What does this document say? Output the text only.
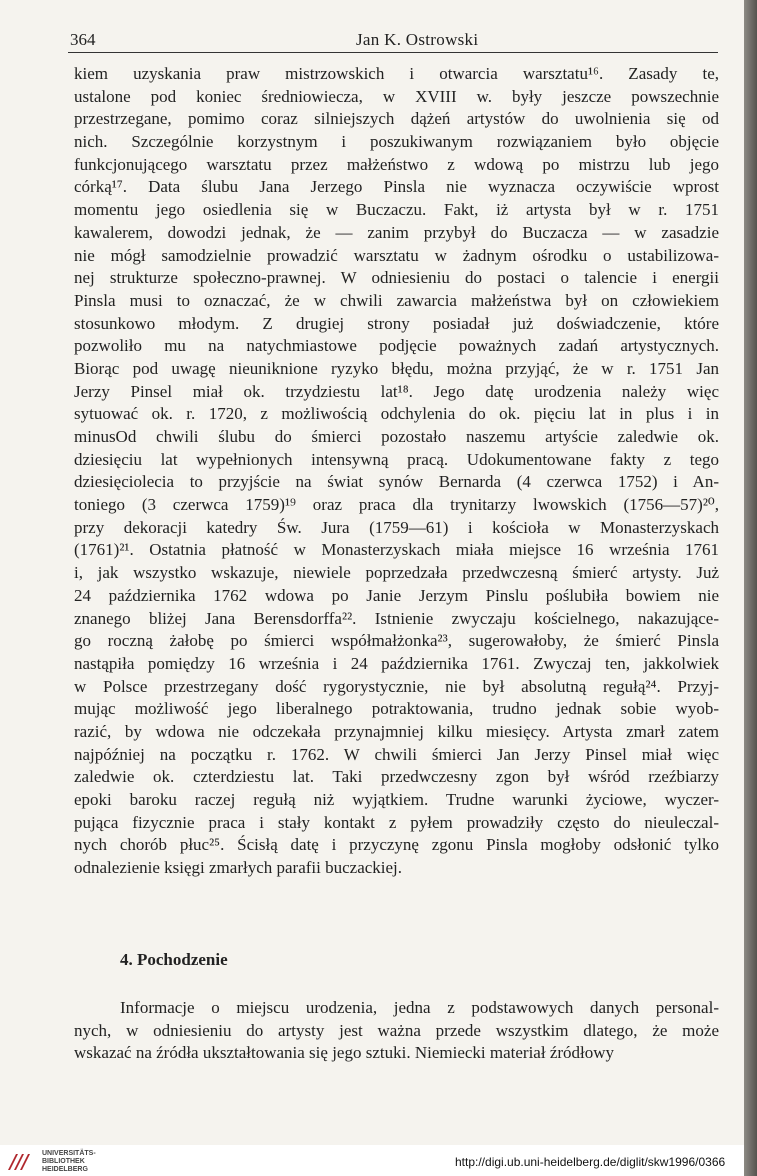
364	Jan K. Ostrowski
kiem uzyskania praw mistrzowskich i otwarcia warsztatu¹⁶. Zasady te,
ustalone pod koniec średniowiecza, w XVIII w. były jeszcze powszechnie
przestrzegane, pomimo coraz silniejszych dążeń artystów do uwolnienia się od
nich. Szczególnie korzystnym i poszukiwanym rozwiązaniem było objęcie
funkcjonującego warsztatu przez małżeństwo z wdową po mistrzu lub jego
córką¹⁷. Data ślubu Jana Jerzego Pinsla nie wyznacza oczywiście wprost
momentu jego osiedlenia się w Buczaczu. Fakt, iż artysta był w r. 1751
kawalerem, dowodzi jednak, że — zanim przybył do Buczacza — w zasadzie
nie mógł samodzielnie prowadzić warsztatu w żadnym ośrodku o ustabilizowa-
nej strukturze społeczno-prawnej. W odniesieniu do postaci o talencie i energii
Pinsla musi to oznaczać, że w chwili zawarcia małżeństwa był on człowiekiem
stosunkowo młodym. Z drugiej strony posiadał już doświadczenie, które
pozwoliło mu na natychmiastowe podjęcie poważnych zadań artystycznych.
Biorąc pod uwagę nieuniknione ryzyko błędu, można przyjąć, że w r. 1751 Jan
Jerzy Pinsel miał ok. trzydziestu lat¹⁸. Jego datę urodzenia należy więc
sytuować ok. r. 1720, z możliwością odchylenia do ok. pięciu lat in plus i in
minusOd chwili ślubu do śmierci pozostało naszemu artyście zaledwie ok.
dziesięciu lat wypełnionych intensywną pracą. Udokumentowane fakty z tego
dziesięciolecia to przyjście na świat synów Bernarda (4 czerwca 1752) i An-
toniego (3 czerwca 1759)¹⁹ oraz praca dla trynitarzy lwowskich (1756—57)²⁰,
przy dekoracji katedry Św. Jura (1759—61) i kościoła w Monasterzyskach
(1761)²¹. Ostatnia płatność w Monasterzyskach miała miejsce 16 września 1761
i, jak wszystko wskazuje, niewiele poprzedzała przedwczesną śmierć artysty. Już
24 października 1762 wdowa po Janie Jerzym Pinslu poślubiła bowiem nie
znanego bliżej Jana Berensdorffa²². Istnienie zwyczaju kościelnego, nakazujące-
go roczną żałobę po śmierci współmałżonka²³, sugerowałoby, że śmierć Pinsla
nastąpiła pomiędzy 16 września i 24 października 1761. Zwyczaj ten, jakkolwiek
w Polsce przestrzegany dość rygorystycznie, nie był absolutną regułą²⁴. Przyj-
mując możliwość jego liberalnego potraktowania, trudno jednak sobie wyob-
razić, by wdowa nie odczekała przynajmniej kilku miesięcy. Artysta zmarł zatem
najpóźniej na początku r. 1762. W chwili śmierci Jan Jerzy Pinsel miał więc
zaledwie ok. czterdziestu lat. Taki przedwczesny zgon był wśród rzeźbiarzy
epoki baroku raczej regułą niż wyjątkiem. Trudne warunki życiowe, wyczer-
pująca fizycznie praca i stały kontakt z pyłem prowadziły często do nieuleczal-
nych chorób płuc²⁵. Ścisłą datę i przyczynę zgonu Pinsla mogłoby odsłonić tylko
odnalezienie księgi zmarłych parafii buczackiej.
4. Pochodzenie
Informacje o miejscu urodzenia, jedna z podstawowych danych personal-
nych, w odniesieniu do artysty jest ważna przede wszystkim dlatego, że może
wskazać na źródła ukształtowania się jego sztuki. Niemiecki materiał źródłowy
UNIVERSITÄTS-
BIBLIOTHEK
HEIDELBERG
http://digi.ub.uni-heidelberg.de/diglit/skw1996/0366
